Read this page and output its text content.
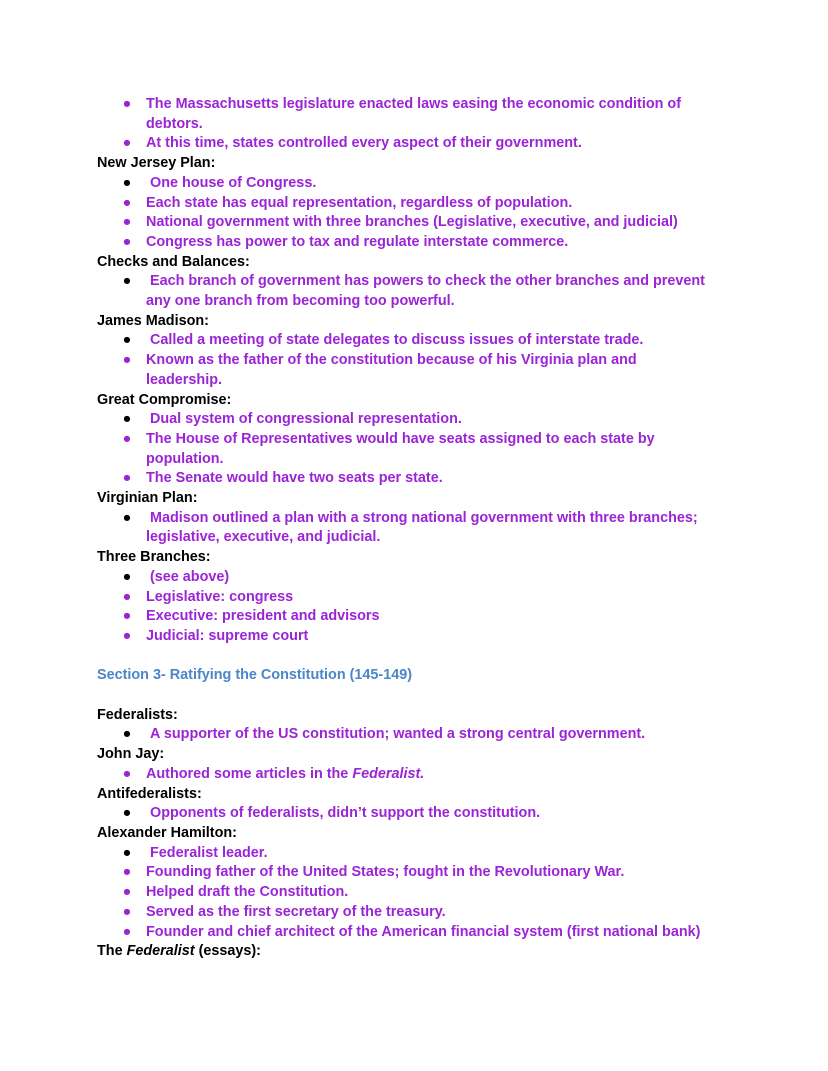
●	The Massachusetts legislature enacted laws easing the economic condition of
debtors.
●	At this time, states controlled every aspect of their government.
New Jersey Plan:
●	One house of Congress.
●	Each state has equal representation, regardless of population.
●	National government with three branches (Legislative, executive, and judicial)
●	Congress has power to tax and regulate interstate commerce.
Checks and Balances:
●	Each branch of government has powers to check the other branches and prevent
any one branch from becoming too powerful.
James Madison:
●	Called a meeting of state delegates to discuss issues of interstate trade.
●	Known as the father of the constitution because of his Virginia plan and
leadership.
Great Compromise:
●	Dual system of congressional representation.
●	The House of Representatives would have seats assigned to each state by
population.
●	The Senate would have two seats per state.
Virginian Plan:
●	Madison outlined a plan with a strong national government with three branches;
legislative, executive, and judicial.
Three Branches:
●	(see above)
●	Legislative: congress
●	Executive: president and advisors
●	Judicial: supreme court
Section 3- Ratifying the Constitution (145-149)
Federalists:
●	A supporter of the US constitution; wanted a strong central government.
John Jay:
●	Authored some articles in the Federalist.
Antifederalists:
●	Opponents of federalists, didn’t support the constitution.
Alexander Hamilton:
●	Federalist leader.
●	Founding father of the United States; fought in the Revolutionary War.
●	Helped draft the Constitution.
●	Served as the first secretary of the treasury.
●	Founder and chief architect of the American financial system (first national bank)
The Federalist (essays):
